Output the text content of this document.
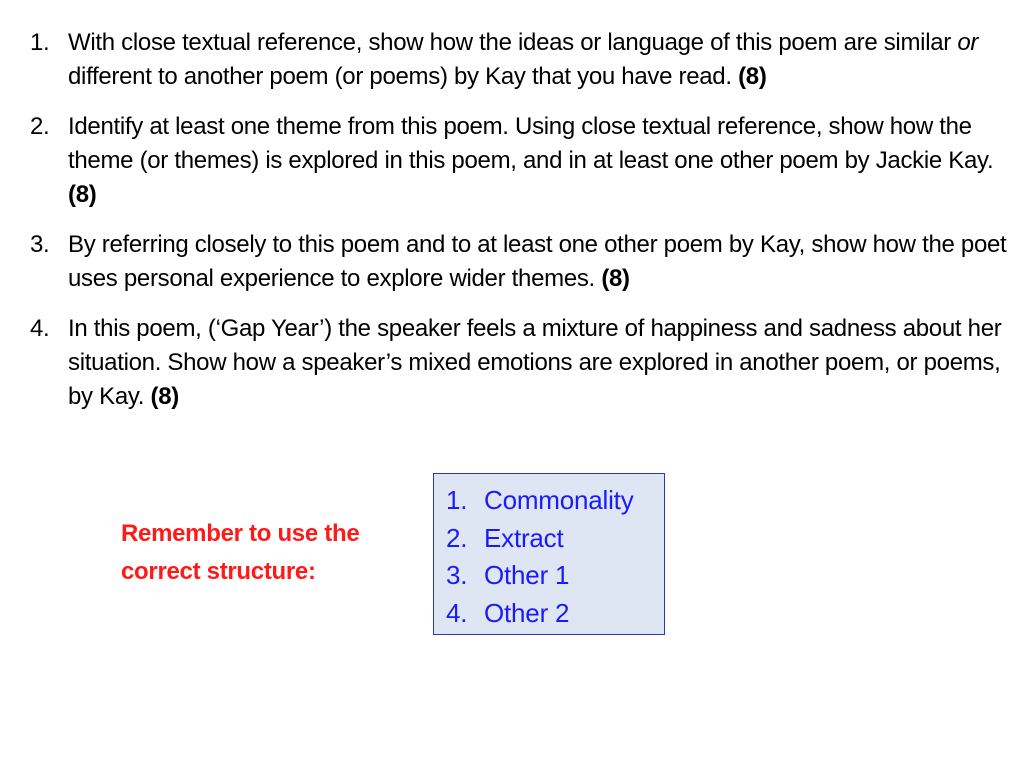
1. With close textual reference, show how the ideas or language of this poem are similar or different to another poem (or poems) by Kay that you have read. (8)
2. Identify at least one theme from this poem. Using close textual reference, show how the theme (or themes) is explored in this poem, and in at least one other poem by Jackie Kay. (8)
3. By referring closely to this poem and to at least one other poem by Kay, show how the poet uses personal experience to explore wider themes. (8)
4. In this poem, (‘Gap Year’) the speaker feels a mixture of happiness and sadness about her situation. Show how a speaker’s mixed emotions are explored in another poem, or poems, by Kay. (8)
Remember to use the
correct structure:
1. Commonality
2. Extract
3. Other 1
4. Other 2
